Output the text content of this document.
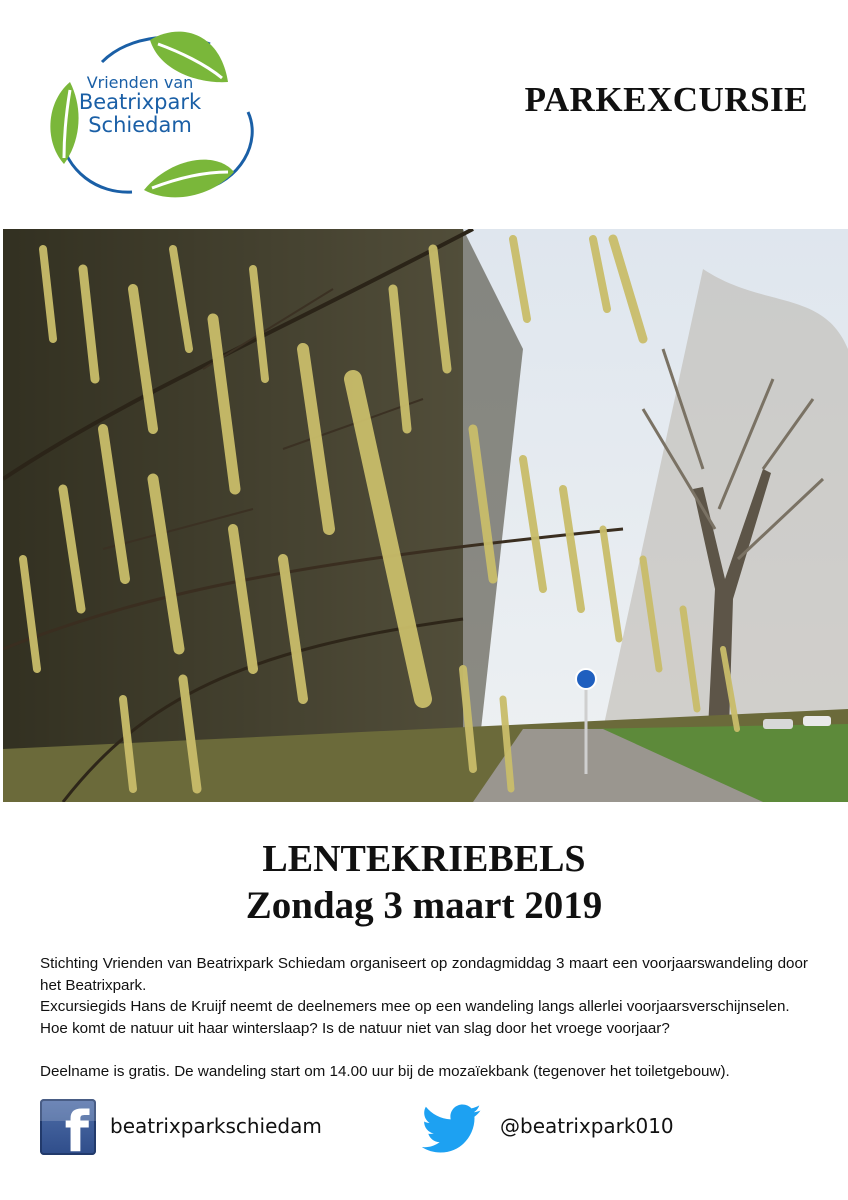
Vrienden van
Beatrixpark
Schiedam
PARKEXCURSIE
LENTEKRIEBELS
Zondag 3 maart 2019

Stichting Vrienden van Beatrixpark Schiedam organiseert op zondagmiddag 3 maart een voorjaarswandeling door het Beatrixpark.

Excursiegids Hans de Kruijf neemt de deelnemers mee op een wandeling langs allerlei voorjaarsverschijnselen.

Hoe komt de natuur uit haar winterslaap? Is de natuur niet van slag door het vroege voorjaar?

Deelname is gratis. De wandeling start om 14.00 uur bij de mozaïekbank (tegenover het toiletgebouw).

f beatrixparkschiedam	@beatrixpark010
